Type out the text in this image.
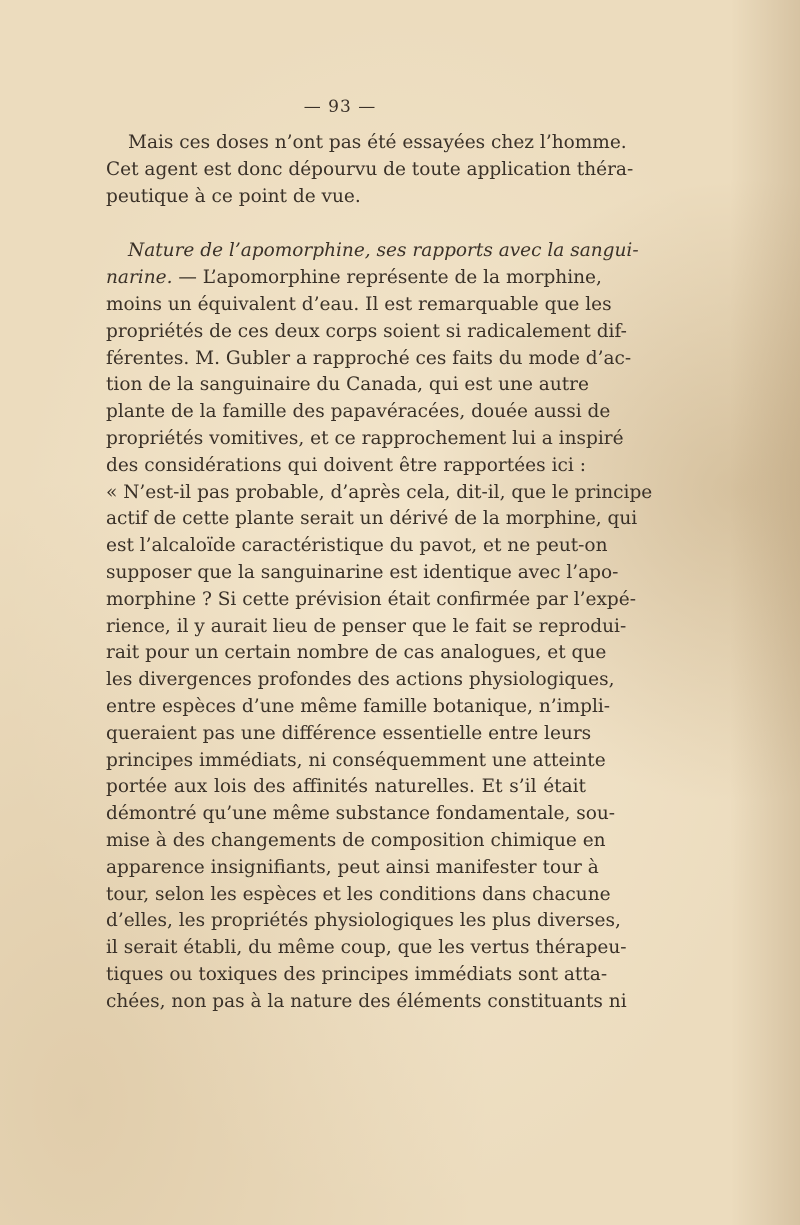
— 93 —
Mais ces doses n’ont pas été essayées chez l’homme.
Cet agent est donc dépourvu de toute application théra-
peutique à ce point de vue.
Nature de l’apomorphine, ses rapports avec la sangui-
narine. — L’apomorphine représente de la morphine,
moins un équivalent d’eau. Il est remarquable que les
propriétés de ces deux corps soient si radicalement dif-
férentes. M. Gubler a rapproché ces faits du mode d’ac-
tion de la sanguinaire du Canada, qui est une autre
plante de la famille des papavéracées, douée aussi de
propriétés vomitives, et ce rapprochement lui a inspiré
des considérations qui doivent être rapportées ici :
« N’est-il pas probable, d’après cela, dit-il, que le principe
actif de cette plante serait un dérivé de la morphine, qui
est l’alcaloïde caractéristique du pavot, et ne peut-on
supposer que la sanguinarine est identique avec l’apo-
morphine ? Si cette prévision était confirmée par l’expé-
rience, il y aurait lieu de penser que le fait se reprodui-
rait pour un certain nombre de cas analogues, et que
les divergences profondes des actions physiologiques,
entre espèces d’une même famille botanique, n’impli-
queraient pas une différence essentielle entre leurs
principes immédiats, ni conséquemment une atteinte
portée aux lois des affinités naturelles. Et s’il était
démontré qu’une même substance fondamentale, sou-
mise à des changements de composition chimique en
apparence insignifiants, peut ainsi manifester tour à
tour, selon les espèces et les conditions dans chacune
d’elles, les propriétés physiologiques les plus diverses,
il serait établi, du même coup, que les vertus thérapeu-
tiques ou toxiques des principes immédiats sont atta-
chées, non pas à la nature des éléments constituants ni
